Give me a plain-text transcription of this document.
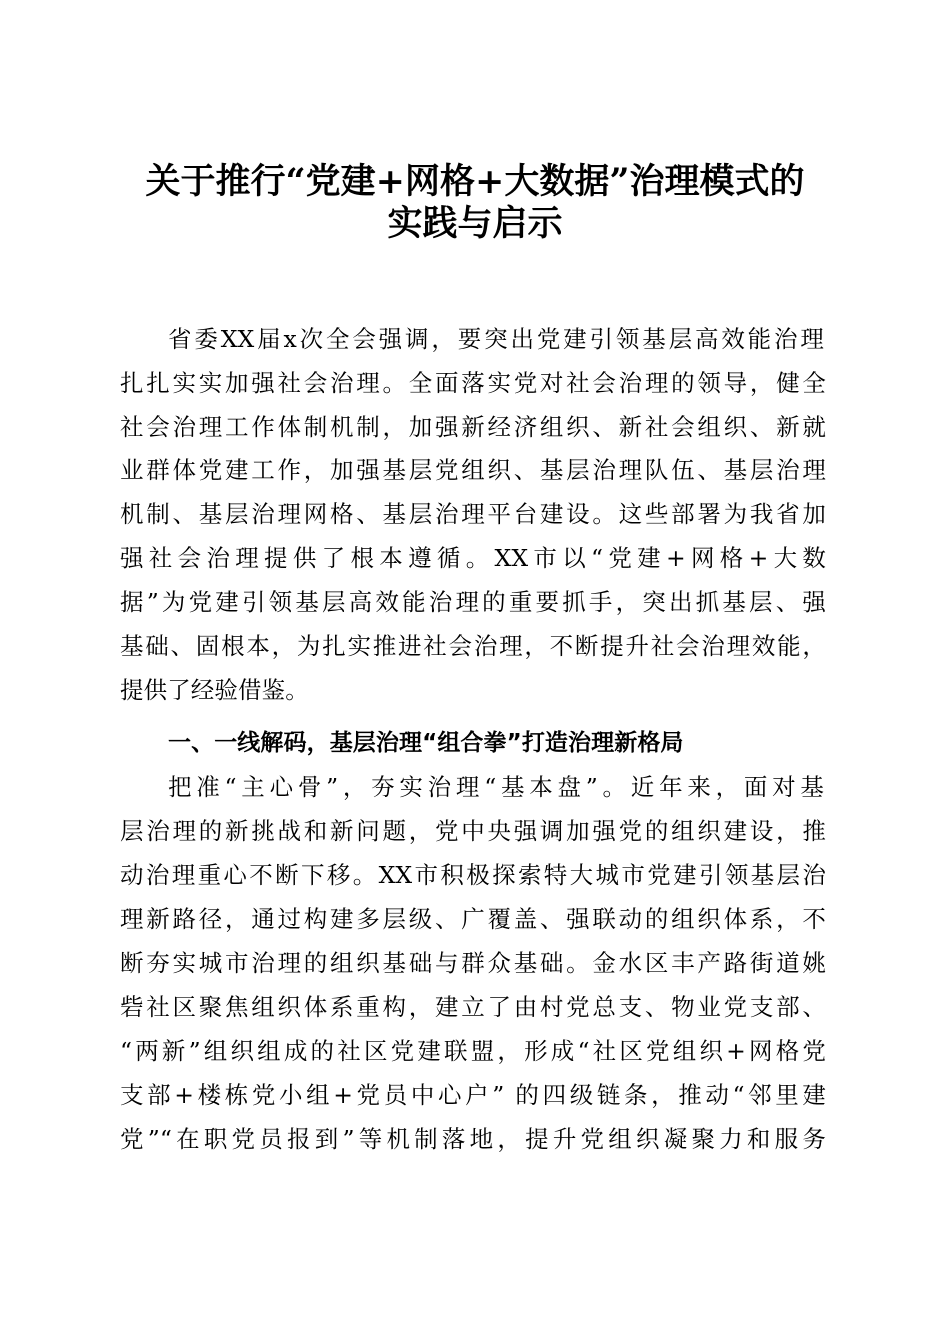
关于推行“党建+网格+大数据”治理模式的
实践与启示
省委XX届x次全会强调，要突出党建引领基层高效能治理
扎扎实实加强社会治理。全面落实党对社会治理的领导，健全
社会治理工作体制机制，加强新经济组织、新社会组织、新就
业群体党建工作，加强基层党组织、基层治理队伍、基层治理
机制、基层治理网格、基层治理平台建设。这些部署为我省加
强社会治理提供了根本遵循。XX市以“党建+网格+大数
据”为党建引领基层高效能治理的重要抓手，突出抓基层、强
基础、固根本，为扎实推进社会治理，不断提升社会治理效能，
提供了经验借鉴。
一、一线解码，基层治理“组合拳”打造治理新格局
把准“主心骨”，夯实治理“基本盘”。近年来，面对基
层治理的新挑战和新问题，党中央强调加强党的组织建设，推
动治理重心不断下移。XX市积极探索特大城市党建引领基层治
理新路径，通过构建多层级、广覆盖、强联动的组织体系，不
断夯实城市治理的组织基础与群众基础。金水区丰产路街道姚
砦社区聚焦组织体系重构，建立了由村党总支、物业党支部、
“两新”组织组成的社区党建联盟，形成“社区党组织+网格党
支部+楼栋党小组+党员中心户” 的四级链条，推动“邻里建
党”“在职党员报到”等机制落地，提升党组织凝聚力和服务
